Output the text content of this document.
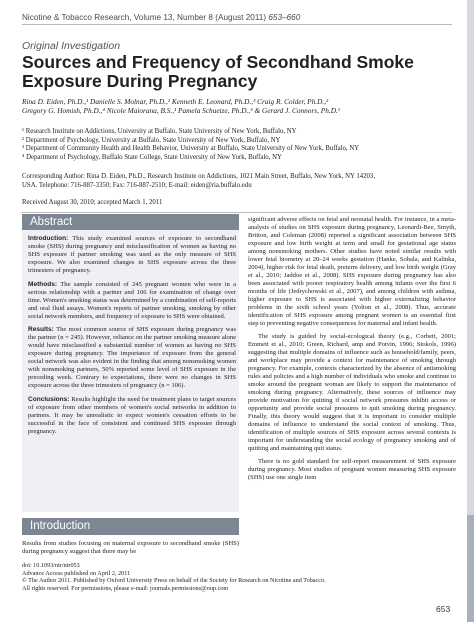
Nicotine & Tobacco Research, Volume 13, Number 8 (August 2011) 653–660
Original Investigation
Sources and Frequency of Secondhand Smoke Exposure During Pregnancy
Rina D. Eiden, Ph.D.,¹ Danielle S. Molnar, Ph.D.,² Kenneth E. Leonard, Ph.D.,³ Craig R. Colder, Ph.D.,²
Gregory G. Homish, Ph.D.,⁴ Nicole Maiorana, B.S.,¹ Pamela Schuetze, Ph.D.,⁵ & Gerard J. Connors, Ph.D.¹
¹ Research Institute on Addictions, University at Buffalo, State University of New York, Buffalo, NY
² Department of Psychology, University at Buffalo, State University of New York, Buffalo, NY
³ Department of Community Health and Health Behavior, University at Buffalo, State University of New York, Buffalo, NY
⁴ Department of Psychology, Buffalo State College, State University of New York, Buffalo, NY
Corresponding Author: Rina D. Eiden, Ph.D., Research Institute on Addictions, 1021 Main Street, Buffalo, New York, NY 14203,
USA. Telephone: 716-887-3350; Fax: 716-887-2510; E-mail: eiden@ria.buffalo.edu
Received August 30, 2010; accepted March 1, 2011
Abstract

Introduction: This study examined sources of exposure to secondhand smoke (SHS) during pregnancy and misclassification of women as having no SHS exposure if partner smoking was used as the only measure of SHS exposure. We also examined changes in SHS exposure across the three trimesters of pregnancy.

Methods: The sample consisted of 245 pregnant women who were in a serious relationship with a partner and 106 for examination of change over time. Women's smoking status was determined by a combination of self-reports and oral fluid assays. Women's reports of partner smoking, smoking by other social network members, and frequency of exposure to SHS were obtained.

Results: The most common source of SHS exposure during pregnancy was the partner (n = 245). However, reliance on the partner smoking measure alone would have misclassified a substantial number of women as having no SHS exposure during pregnancy. The importance of exposure from the general social network was also evident in the finding that among nonsmoking women with nonsmoking partners, 50% reported some level of SHS exposure in the preceding week. Contrary to expectations, there were no changes in SHS exposure across the three trimesters of pregnancy (n = 106).

Conclusions: Results highlight the need for treatment plans to target sources of exposure from other members of women's social networks in addition to partners. It may be unrealistic to expect women's cessation efforts to be successful in the face of consistent and continued SHS exposure through pregnancy.

Introduction

Results from studies focusing on maternal exposure to secondhand smoke (SHS) during pregnancy suggest that there may be

doi: 10.1093/ntr/ntr053
Advance Access published on April 2, 2011
© The Author 2011. Published by Oxford University Press on behalf of the Society for Research on Nicotine and Tobacco.
All rights reserved. For permissions, please e-mail: journals.permissions@oup.com

significant adverse effects on fetal and neonatal health. For instance, in a meta-analysis of studies on SHS exposure during pregnancy, Leonardi-Bee, Smyth, Britton, and Coleman (2008) reported a significant association between SHS exposure and low birth weight at term and small for gestational age status among nonsmoking mothers. Other studies have noted similar results with lower fetal biometry at 20–24 weeks gestation (Hanke, Sobala, and Kalinka, 2004), higher risk for fetal death, preterm delivery, and low birth weight (Gray et al., 2010; Jaddoe et al., 2008). SHS exposure during pregnancy has also been associated with poorer respiratory health among infants over the first 6 months of life (Jedrychowski et al., 2007), and among children with asthma, higher exposure to SHS is associated with higher externalizing behavior problems in the sixth school years (Yolton et al., 2008). Thus, accurate identification of SHS exposure among pregnant women is an essential first step to preventing negative consequences for maternal and infant health.

The study is guided by social-ecological theory (e.g., Corbett, 2001; Emmett et al., 2010; Green, Richard, amp and Potvin, 1996; Stokols, 1996) suggesting that multiple domains of influence such as household/family, peers, and workplace may provide a context for maintenance of smoking through pregnancy. For example, contexts characterized by the absence of antismoking rules and policies and a high number of individuals who smoke and continue to smoke around the pregnant woman are likely to support the maintenance of smoking during pregnancy. Alternatively, these sources of influence may provide motivation for quitting if social network pressures inhibit access or opportunity and provide social pressures to quit smoking during pregnancy. Finally, this theory would suggest that it is important to consider multiple domains of influence to understand the social context of smoking. Thus, identification of multiple sources of SHS exposure across several contexts is important for understanding the social ecology of pregnancy smoking and of quitting and maintaining quit status.

There is no gold standard for self-report measurement of SHS exposure during pregnancy. Most studies of pregnant women measuring SHS exposure (SHS) use one single item

653
